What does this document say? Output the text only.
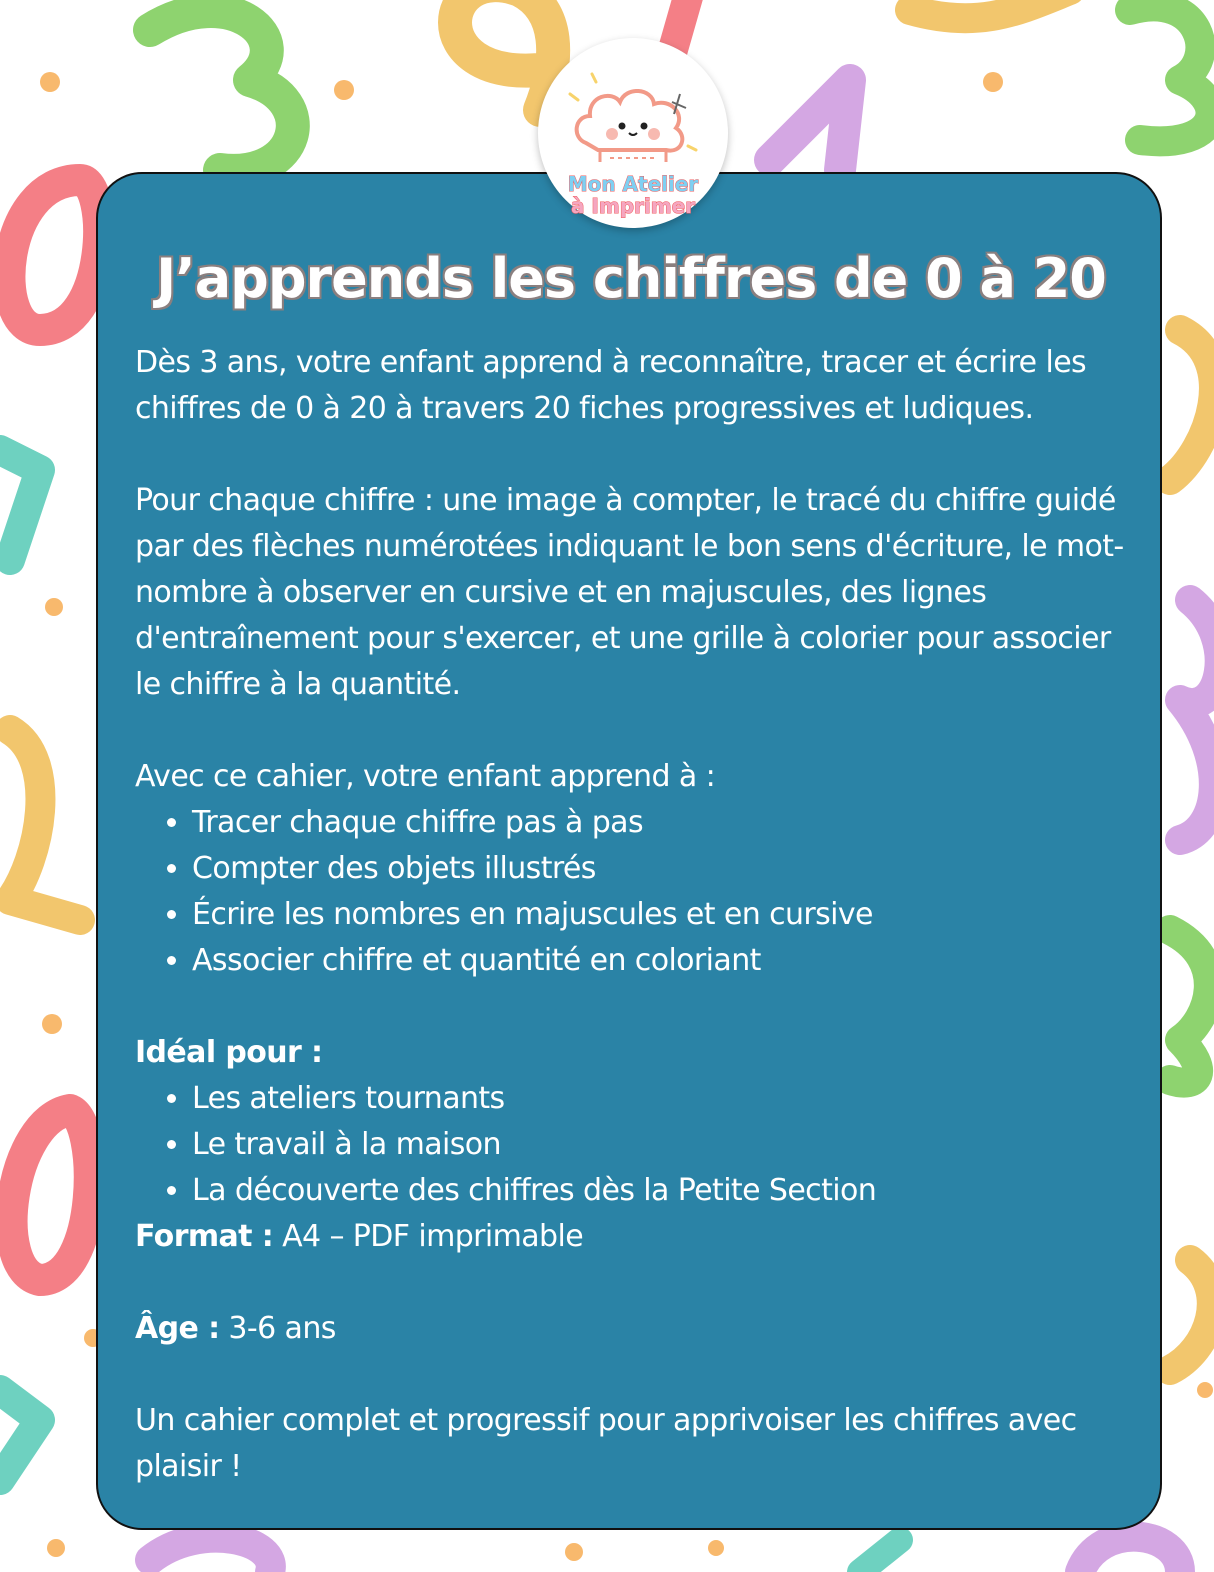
Mon Atelier
à Imprimer
J’apprends les chiffres de 0 à 20

Dès 3 ans, votre enfant apprend à reconnaître, tracer et écrire les chiffres de 0 à 20 à travers 20 fiches progressives et ludiques.

Pour chaque chiffre : une image à compter, le tracé du chiffre guidé par des flèches numérotées indiquant le bon sens d'écriture, le mot-nombre à observer en cursive et en majuscules, des lignes d'entraînement pour s'exercer, et une grille à colorier pour associer le chiffre à la quantité.

Avec ce cahier, votre enfant apprend à :

• Tracer chaque chiffre pas à pas
• Compter des objets illustrés
• Écrire les nombres en majuscules et en cursive
• Associer chiffre et quantité en coloriant

Idéal pour :

• Les ateliers tournants
• Le travail à la maison
• La découverte des chiffres dès la Petite Section

Format : A4 – PDF imprimable

Âge : 3-6 ans

Un cahier complet et progressif pour apprivoiser les chiffres avec plaisir !
